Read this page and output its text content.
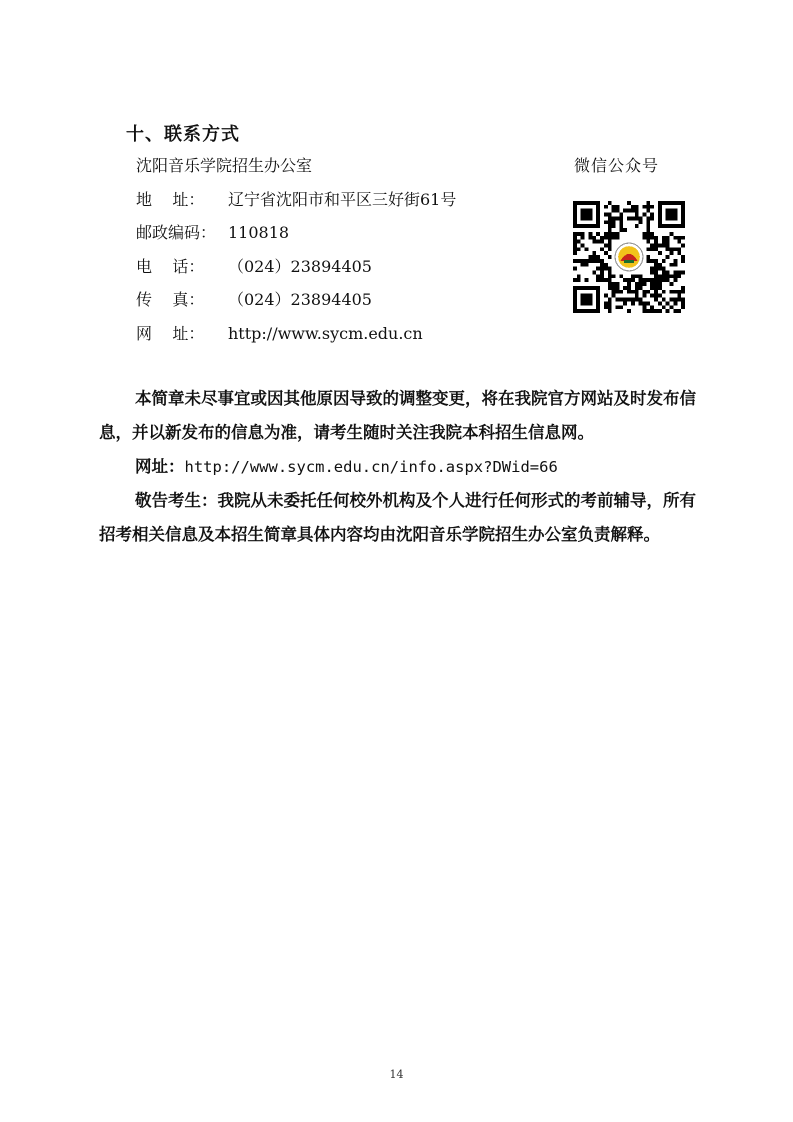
十、联系方式
沈阳音乐学院招生办公室
地    址： 辽宁省沈阳市和平区三好街61号
邮政编码： 110818
电    话： （024）23894405
传    真： （024）23894405
网    址： http://www.sycm.edu.cn
微信公众号

本简章未尽事宜或因其他原因导致的调整变更，将在我院官方网站及时发布信息，并以新发布的信息为准，请考生随时关注我院本科招生信息网。

网址：http://www.sycm.edu.cn/info.aspx?DWid=66

敬告考生：我院从未委托任何校外机构及个人进行任何形式的考前辅导，所有招考相关信息及本招生简章具体内容均由沈阳音乐学院招生办公室负责解释。

14
